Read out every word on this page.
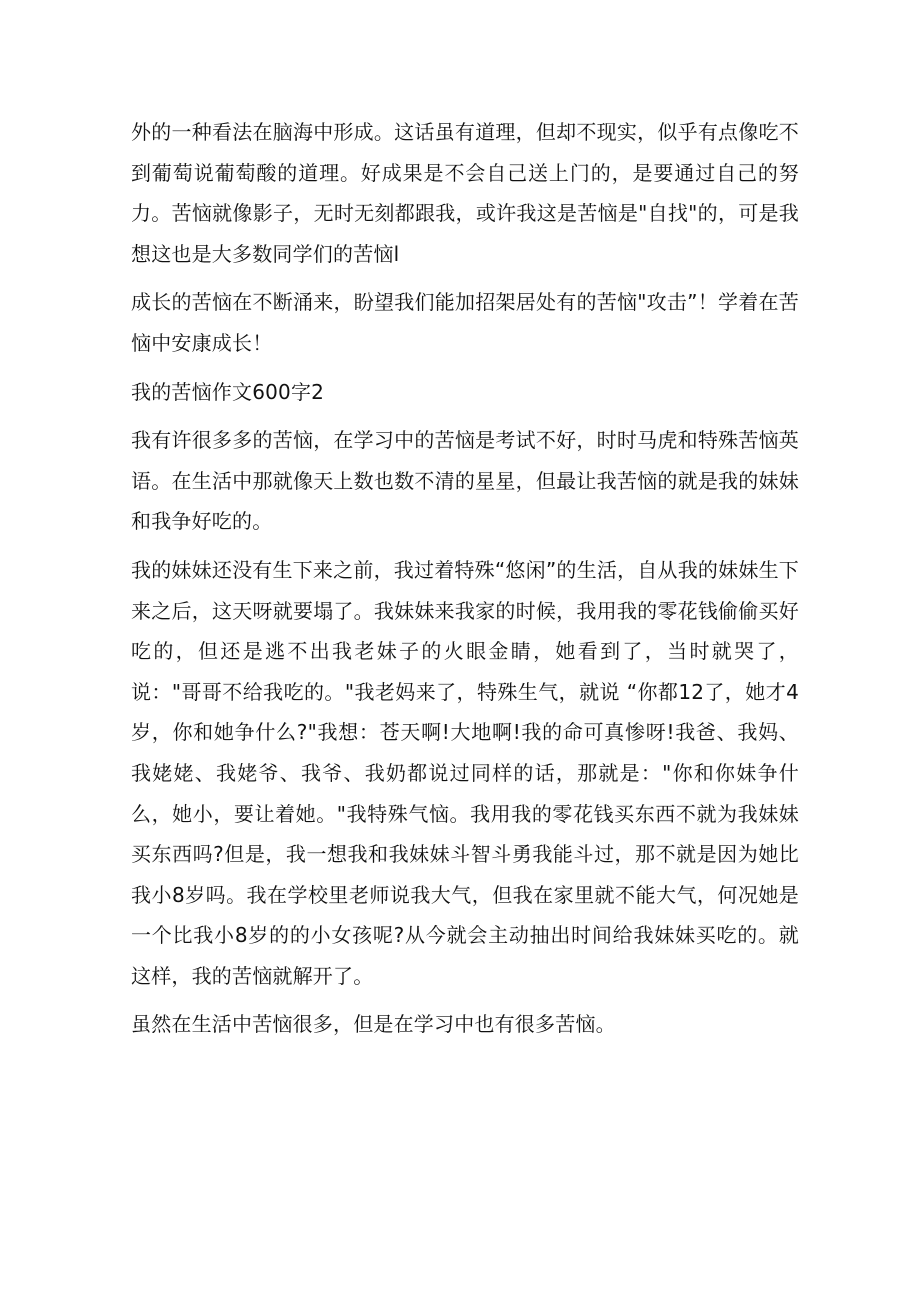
外的一种看法在脑海中形成。这话虽有道理，但却不现实，似乎有点像吃不到葡萄说葡萄酸的道理。好成果是不会自己送上门的，是要通过自己的努力。苦恼就像影子，无时无刻都跟我，或许我这是苦恼是"自找"的，可是我想这也是大多数同学们的苦恼l

成长的苦恼在不断涌来，盼望我们能加招架居处有的苦恼"攻击”！学着在苦恼中安康成长！

我的苦恼作文600字2

我有许很多多的苦恼，在学习中的苦恼是考试不好，时时马虎和特殊苦恼英语。在生活中那就像天上数也数不清的星星，但最让我苦恼的就是我的妹妹和我争好吃的。

我的妹妹还没有生下来之前，我过着特殊“悠闲”的生活，自从我的妹妹生下来之后，这天呀就要塌了。我妹妹来我家的时候，我用我的零花钱偷偷买好吃的，但还是逃不出我老妹子的火眼金睛，她看到了，当时就哭了，说："哥哥不给我吃的。"我老妈来了，特殊生气，就说 “你都12了，她才4岁，你和她争什么?"我想：苍天啊!大地啊!我的命可真惨呀!我爸、我妈、我姥姥、我姥爷、我爷、我奶都说过同样的话，那就是："你和你妹争什么，她小，要让着她。"我特殊气恼。我用我的零花钱买东西不就为我妹妹买东西吗?但是，我一想我和我妹妹斗智斗勇我能斗过，那不就是因为她比我小8岁吗。我在学校里老师说我大气，但我在家里就不能大气，何况她是一个比我小8岁的的小女孩呢?从今就会主动抽出时间给我妹妹买吃的。就这样，我的苦恼就解开了。

虽然在生活中苦恼很多，但是在学习中也有很多苦恼。
